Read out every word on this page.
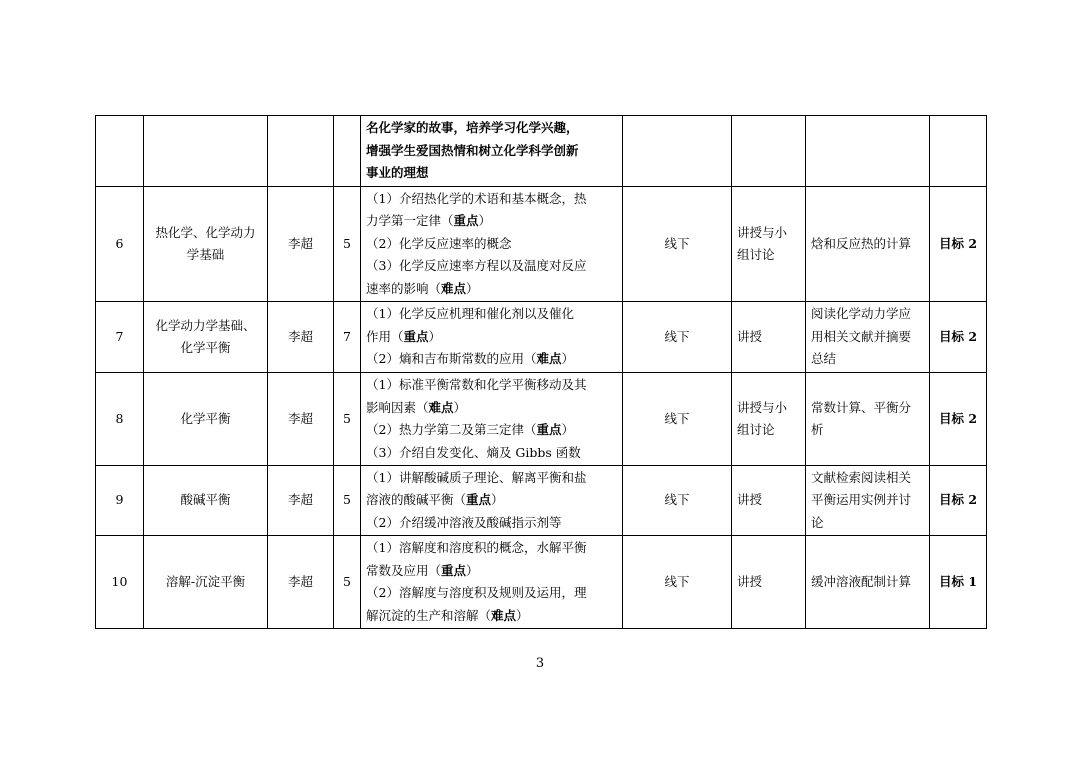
				名化学家的故事，培养学习化学兴趣，
增强学生爱国热情和树立化学科学创新
事业的理想				

6	热化学、化学动力
学基础	李超	5	（1）介绍热化学的术语和基本概念，热
力学第一定律（重点）
（2）化学反应速率的概念
（3）化学反应速率方程以及温度对反应
速率的影响（难点）	线下	讲授与小
组讨论	焓和反应热的计算	目标 2
7	化学动力学基础、
化学平衡	李超	7	（1）化学反应机理和催化剂以及催化
作用（重点）
（2）熵和吉布斯常数的应用（难点）	线下	讲授	阅读化学动力学应
用相关文献并摘要
总结	目标 2
8	化学平衡	李超	5	（1）标准平衡常数和化学平衡移动及其
影响因素（难点）
（2）热力学第二及第三定律（重点）
（3）介绍自发变化、熵及 Gibbs 函数	线下	讲授与小
组讨论	常数计算、平衡分
析	目标 2
9	酸碱平衡	李超	5	（1）讲解酸碱质子理论、解离平衡和盐
溶液的酸碱平衡（重点）
（2）介绍缓冲溶液及酸碱指示剂等	线下	讲授	文献检索阅读相关
平衡运用实例并讨
论	目标 2
10	溶解-沉淀平衡	李超	5	（1）溶解度和溶度积的概念，水解平衡
常数及应用（重点）
（2）溶解度与溶度积及规则及运用，理
解沉淀的生产和溶解（难点）	线下	讲授	缓冲溶液配制计算	目标 1
3
